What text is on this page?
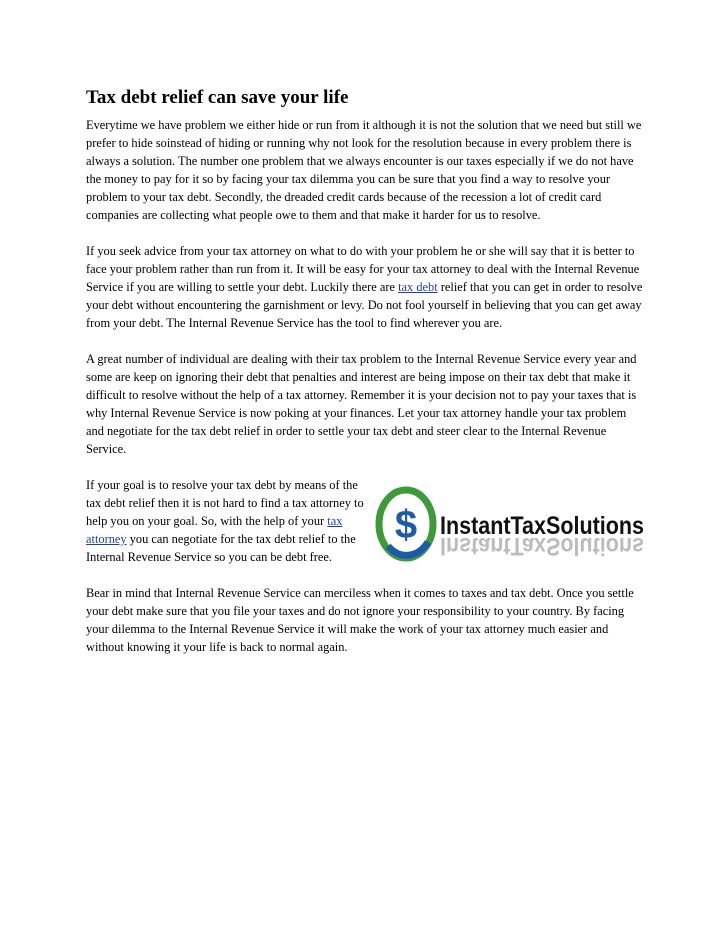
Tax debt relief can save your life

Everytime we have problem we either hide or run from it although it is not the solution that we need but still we prefer to hide soinstead of hiding or running why not look for the resolution because in every problem there is always a solution. The number one problem that we always encounter is our taxes especially if we do not have the money to pay for it so by facing your tax dilemma you can be sure that you find a way to resolve your problem to your tax debt. Secondly, the dreaded credit cards because of the recession a lot of credit card companies are collecting what people owe to them and that make it harder for us to resolve.

If you seek advice from your tax attorney on what to do with your problem he or she will say that it is better to face your problem rather than run from it. It will be easy for your tax attorney to deal with the Internal Revenue Service if you are willing to settle your debt. Luckily there are tax debt relief that you can get in order to resolve your debt without encountering the garnishment or levy. Do not fool yourself in believing that you can get away from your debt. The Internal Revenue Service has the tool to find wherever you are.

A great number of individual are dealing with their tax problem to the Internal Revenue Service every year and some are keep on ignoring their debt that penalties and interest are being impose on their tax debt that make it difficult to resolve without the help of a tax attorney. Remember it is your decision not to pay your taxes that is why Internal Revenue Service is now poking at your finances. Let your tax attorney handle your tax problem and negotiate for the tax debt relief in order to settle your tax debt and steer clear to the Internal Revenue Service.

If your goal is to resolve your tax debt by means of the tax debt relief then it is not hard to find a tax attorney to help you on your goal. So, with the help of your tax attorney you can negotiate for the tax debt relief to the Internal Revenue Service so you can be debt free.

$ InstantTaxSolutions
InstantTaxSolutions

Bear in mind that Internal Revenue Service can merciless when it comes to taxes and tax debt. Once you settle your debt make sure that you file your taxes and do not ignore your responsibility to your country. By facing your dilemma to the Internal Revenue Service it will make the work of your tax attorney much easier and without knowing it your life is back to normal again.
